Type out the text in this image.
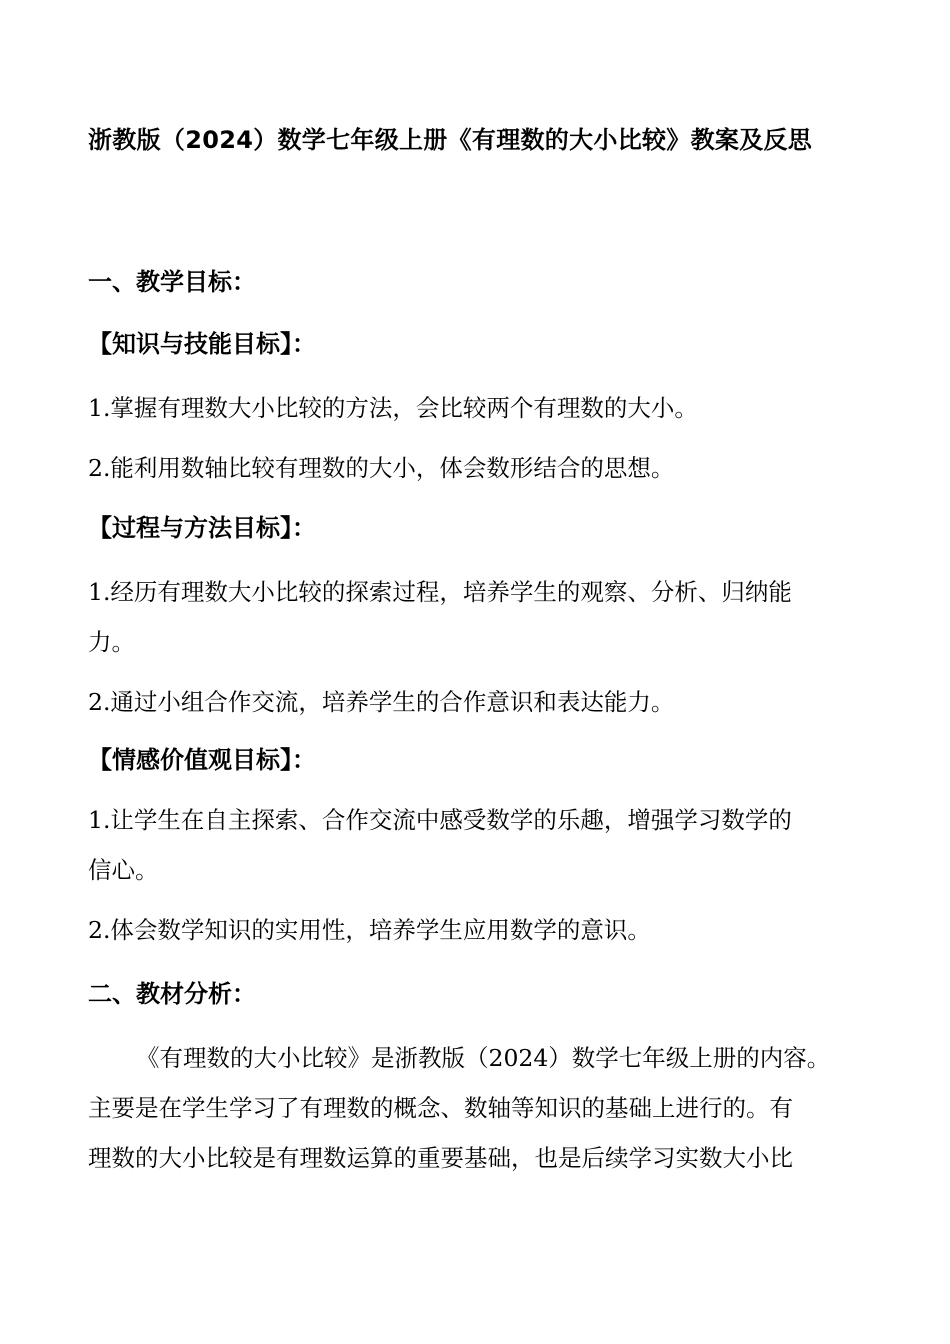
浙教版（2024）数学七年级上册《有理数的大小比较》教案及反思
一、教学目标：
【知识与技能目标】：
1.掌握有理数大小比较的方法，会比较两个有理数的大小。
2.能利用数轴比较有理数的大小，体会数形结合的思想。
【过程与方法目标】：
1.经历有理数大小比较的探索过程，培养学生的观察、分析、归纳能
力。
2.通过小组合作交流，培养学生的合作意识和表达能力。
【情感价值观目标】：
1.让学生在自主探索、合作交流中感受数学的乐趣，增强学习数学的
信心。
2.体会数学知识的实用性，培养学生应用数学的意识。
二、教材分析：
《有理数的大小比较》是浙教版（2024）数学七年级上册的内容。
主要是在学生学习了有理数的概念、数轴等知识的基础上进行的。有
理数的大小比较是有理数运算的重要基础，也是后续学习实数大小比
